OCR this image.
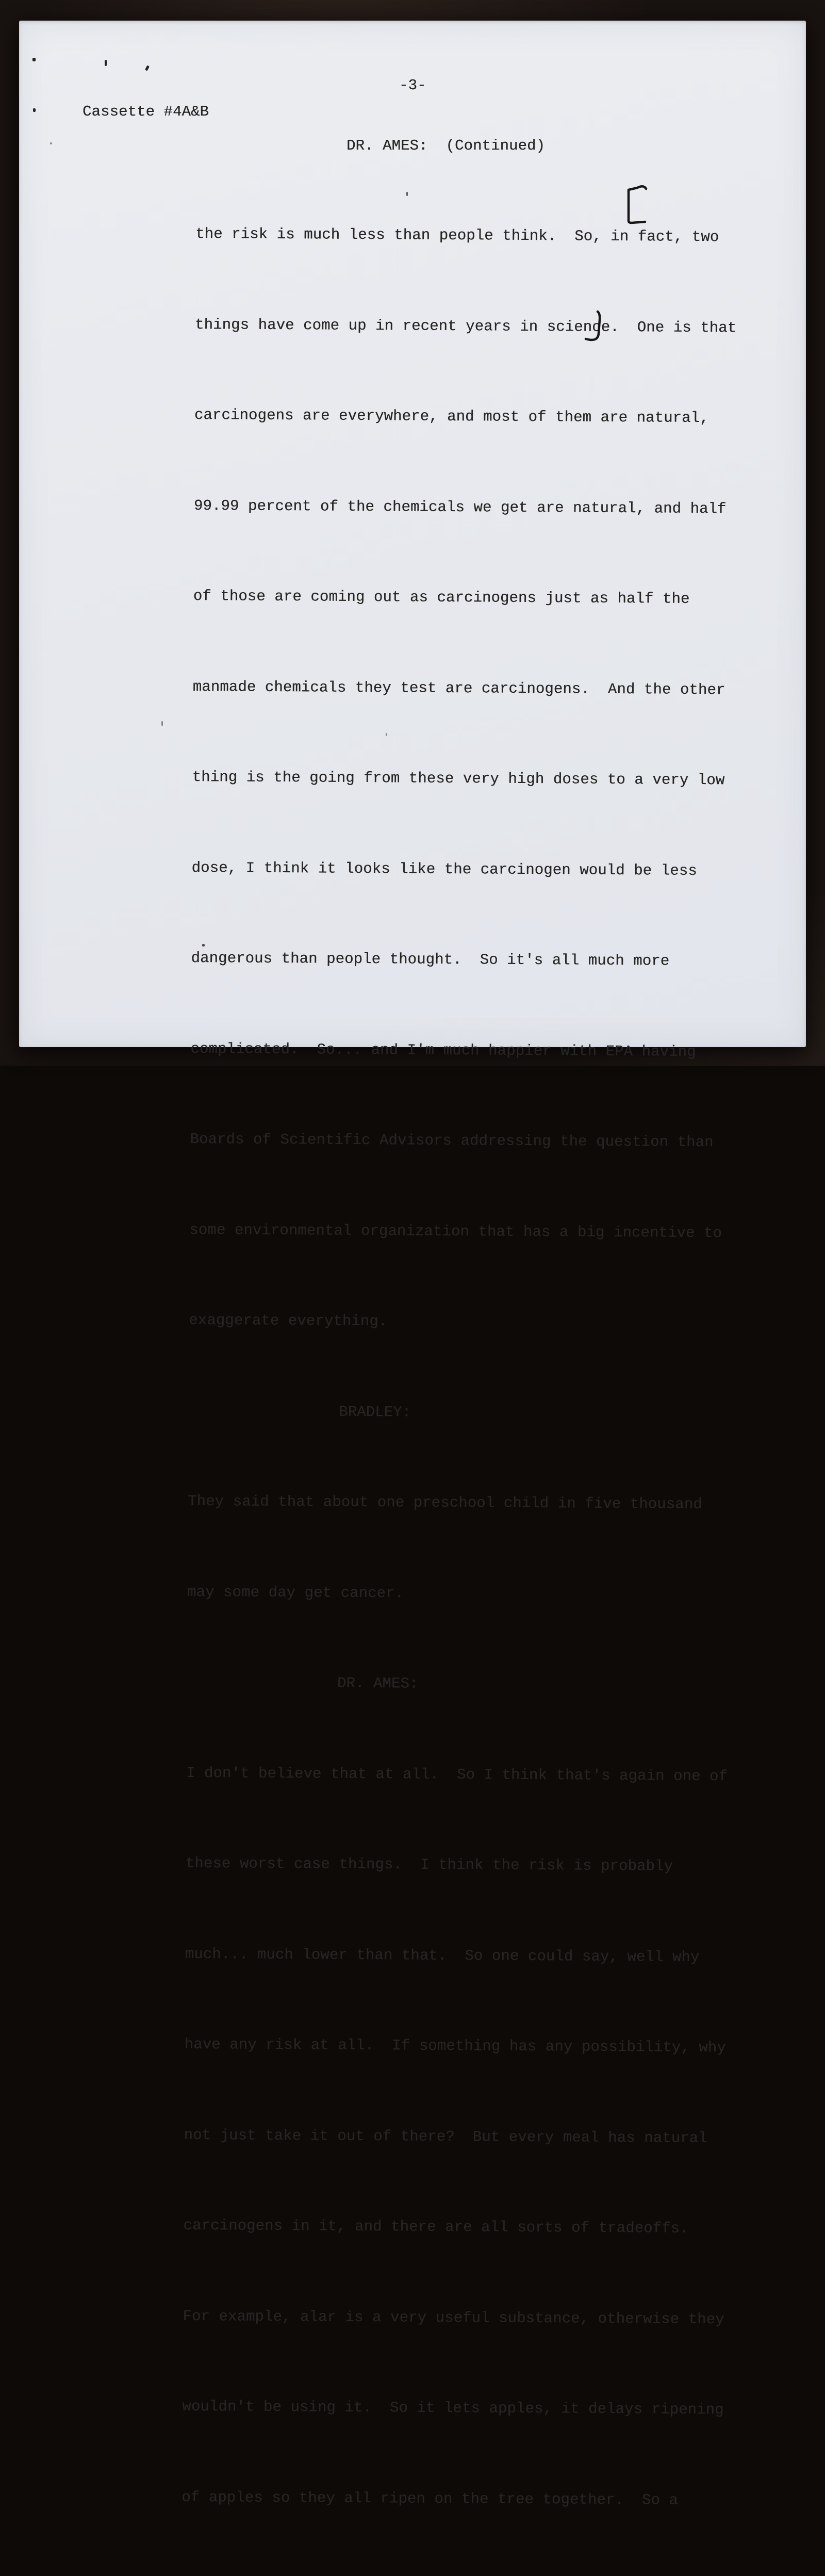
-3-
Cassette #4A&B
DR. AMES:  (Continued)

the risk is much less than people think.  So, in fact, two

things have come up in recent years in science.  One is that

carcinogens are everywhere, and most of them are natural,

99.99 percent of the chemicals we get are natural, and half

of those are coming out as carcinogens just as half the

manmade chemicals they test are carcinogens.  And the other

thing is the going from these very high doses to a very low

dose, I think it looks like the carcinogen would be less

dangerous than people thought.  So it's all much more

complicated.  So... and I'm much happier with EPA having

Boards of Scientific Advisors addressing the question than

some environmental organization that has a big incentive to

exaggerate everything.

BRADLEY:

They said that about one preschool child in five thousand

may some day get cancer.

DR. AMES:

I don't believe that at all.  So I think that's again one of

these worst case things.  I think the risk is probably

much... much lower than that.  So one could say, well why

have any risk at all.  If something has any possibility, why

not just take it out of there?  But every meal has natural

carcinogens in it, and there are all sorts of tradeoffs.

For example, alar is a very useful substance, otherwise they

wouldn't be using it.  So it lets apples, it delays ripening

of apples so they all ripen on the tree together.  So a
